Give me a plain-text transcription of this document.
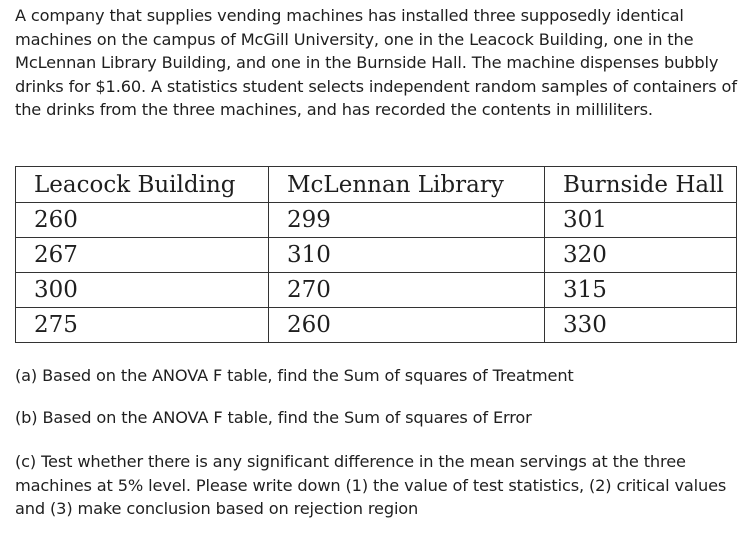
A company that supplies vending machines has installed three supposedly identical machines on the campus of McGill University, one in the Leacock Building, one in the McLennan Library Building, and one in the Burnside Hall. The machine dispenses bubbly drinks for $1.60. A statistics student selects independent random samples of containers of the drinks from the three machines, and has recorded the contents in milliliters.

Leacock Building	McLennan Library	Burnside Hall
260	299	301
267	310	320
300	270	315
275	260	330

(a) Based on the ANOVA F table, find the Sum of squares of Treatment

(b) Based on the ANOVA F table, find the Sum of squares of Error

(c) Test whether there is any significant difference in the mean servings at the three machines at 5% level. Please write down (1) the value of test statistics, (2) critical values and (3) make conclusion based on rejection region
